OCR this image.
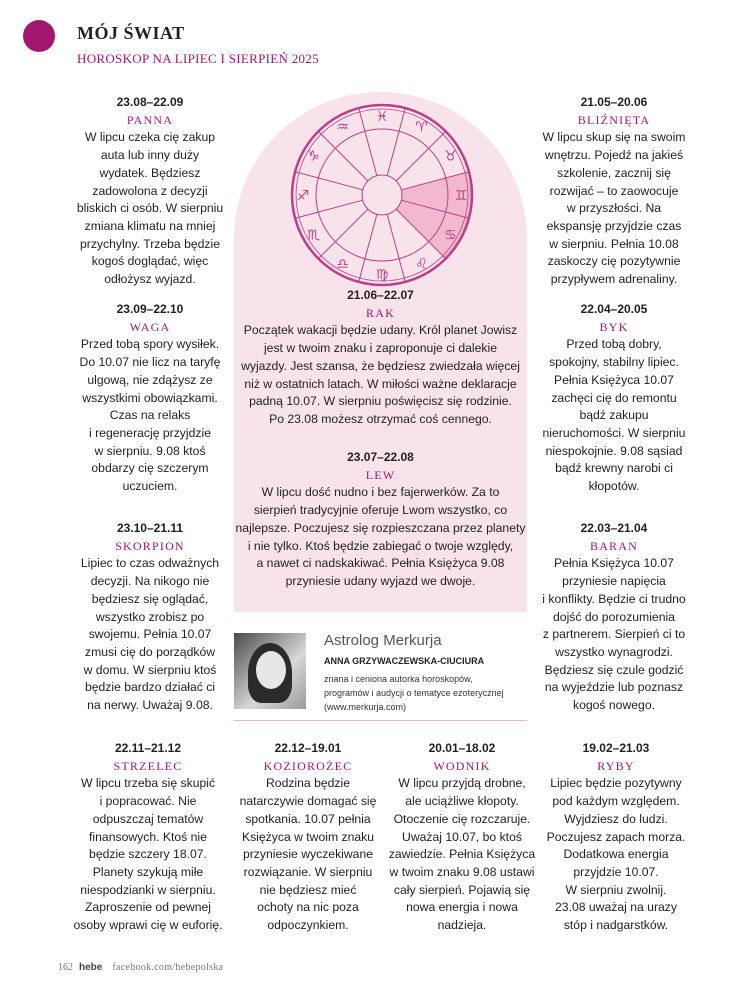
MÓJ ŚWIAT
HOROSKOP NA LIPIEC I SIERPIEŃ 2025
♈
♉
♊
♋
♌
♍
♎
♏
♐
♑
♒
♓
23.08–22.09
PANNA
W lipcu czeka cię zakup
auta lub inny duży
wydatek. Będziesz
zadowolona z decyzji
bliskich ci osób. W sierpniu
zmiana klimatu na mniej
przychylny. Trzeba będzie
kogoś doglądać, więc
odłożysz wyjazd.
23.09–22.10
WAGA
Przed tobą spory wysiłek.
Do 10.07 nie licz na taryfę
ulgową, nie zdążysz ze
wszystkimi obowiązkami.
Czas na relaks
i regenerację przyjdzie
w sierpniu. 9.08 ktoś
obdarzy cię szczerym
uczuciem.
23.10–21.11
SKORPION
Lipiec to czas odważnych
decyzji. Na nikogo nie
będziesz się oglądać,
wszystko zrobisz po
swojemu. Pełnia 10.07
zmusi cię do porządków
w domu. W sierpniu ktoś
będzie bardzo działać ci
na nerwy. Uważaj 9.08.
21.05–20.06
BLIŹNIĘTA
W lipcu skup się na swoim
wnętrzu. Pojedź na jakieś
szkolenie, zacznij się
rozwijać – to zaowocuje
w przyszłości. Na
ekspansję przyjdzie czas
w sierpniu. Pełnia 10.08
zaskoczy cię pozytywnie
przypływem adrenaliny.
22.04–20.05
BYK
Przed tobą dobry,
spokojny, stabilny lipiec.
Pełnia Księżyca 10.07
zachęci cię do remontu
bądź zakupu
nieruchomości. W sierpniu
niespokojnie. 9.08 sąsiad
bądź krewny narobi ci
kłopotów.
22.03–21.04
BARAN
Pełnia Księżyca 10.07
przyniesie napięcia
i konflikty. Będzie ci trudno
dojść do porozumienia
z partnerem. Sierpień ci to
wszystko wynagrodzi.
Będziesz się czule godzić
na wyjeździe lub poznasz
kogoś nowego.
21.06–22.07
RAK
Początek wakacji będzie udany. Król planet Jowisz
jest w twoim znaku i zaproponuje ci dalekie
wyjazdy. Jest szansa, że będziesz zwiedzała więcej
niż w ostatnich latach. W miłości ważne deklaracje
padną 10.07. W sierpniu poświęcisz się rodzinie.
Po 23.08 możesz otrzymać coś cennego.
23.07–22.08
LEW
W lipcu dość nudno i bez fajerwerków. Za to
sierpień tradycyjnie oferuje Lwom wszystko, co
najlepsze. Poczujesz się rozpieszczana przez planety
i nie tylko. Ktoś będzie zabiegać o twoje względy,
a nawet ci nadskakiwać. Pełnia Księżyca 9.08
przyniesie udany wyjazd we dwoje.
Astrolog Merkurja
ANNA GRZYWACZEWSKA-CIUCIURA
znana i ceniona autorka horoskopów,
programów i audycji o tematyce ezoterycznej
(www.merkurja.com)
22.11–21.12
STRZELEC
W lipcu trzeba się skupić
i popracować. Nie
odpuszczaj tematów
finansowych. Ktoś nie
będzie szczery 18.07.
Planety szykują miłe
niespodzianki w sierpniu.
Zaproszenie od pewnej
osoby wprawi cię w euforię.
22.12–19.01
KOZIOROŻEC
Rodzina będzie
natarczywie domagać się
spotkania. 10.07 pełnia
Księżyca w twoim znaku
przyniesie wyczekiwane
rozwiązanie. W sierpniu
nie będziesz mieć
ochoty na nic poza
odpoczynkiem.
20.01–18.02
WODNIK
W lipcu przyjdą drobne,
ale uciążliwe kłopoty.
Otoczenie cię rozczaruje.
Uważaj 10.07, bo ktoś
zawiedzie. Pełnia Księżyca
w twoim znaku 9.08 ustawi
cały sierpień. Pojawią się
nowa energia i nowa
nadzieja.
19.02–21.03
RYBY
Lipiec będzie pozytywny
pod każdym względem.
Wyjdziesz do ludzi.
Poczujesz zapach morza.
Dodatkowa energia
przyjdzie 10.07.
W sierpniu zwolnij.
23.08 uważaj na urazy
stóp i nadgarstków.
162 hebe facebook.com/hebepolska
